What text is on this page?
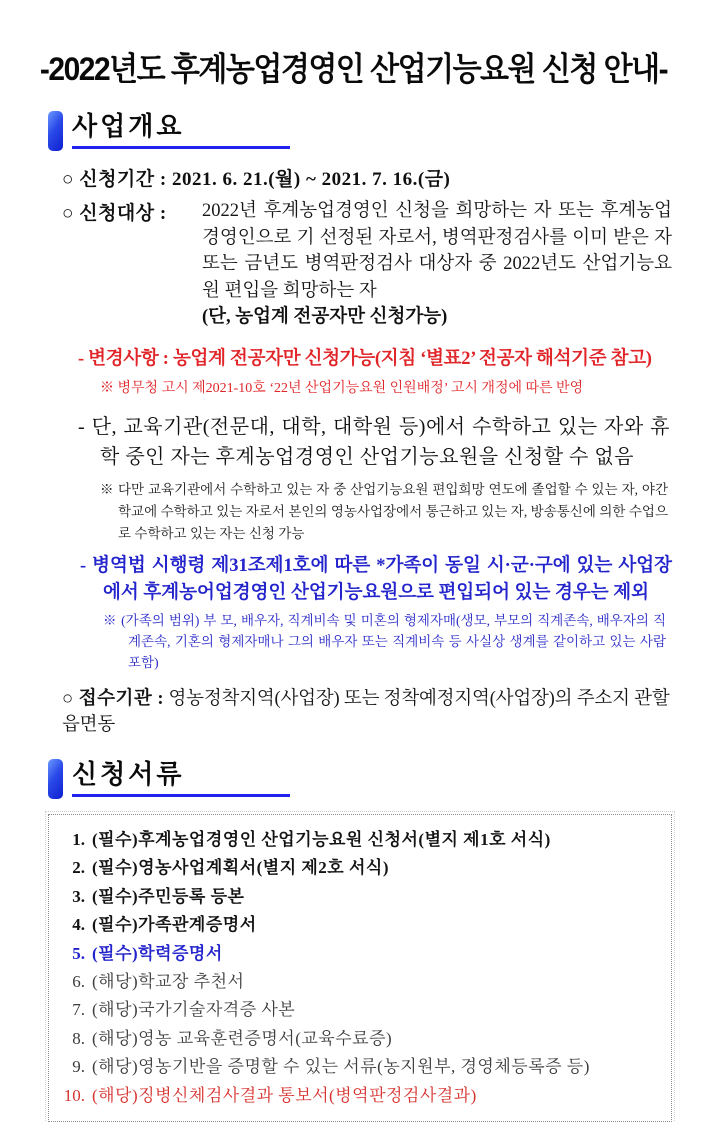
-2022년도 후계농업경영인 산업기능요원 신청 안내-
사업개요
○ 신청기간 : 2021. 6. 21.(월) ~ 2021. 7. 16.(금)
○ 신청대상 :	2022년 후계농업경영인 신청을 희망하는 자 또는 후계농업경영인으로 기 선정된 자로서, 병역판정검사를 이미 받은 자 또는 금년도 병역판정검사 대상자 중 2022년도 산업기능요원 편입을 희망하는 자
(단, 농업계 전공자만 신청가능)
- 변경사항 : 농업계 전공자만 신청가능(지침 ‘별표2’ 전공자 해석기준 참고)
※ 병무청 고시 제2021-10호 ‘22년 산업기능요원 인원배정’ 고시 개정에 따른 반영
- 단, 교육기관(전문대, 대학, 대학원 등)에서 수학하고 있는 자와 휴학 중인 자는 후계농업경영인 산업기능요원을 신청할 수 없음
※ 다만 교육기관에서 수학하고 있는 자 중 산업기능요원 편입희망 연도에 졸업할 수 있는 자, 야간학교에 수학하고 있는 자로서 본인의 영농사업장에서 통근하고 있는 자, 방송통신에 의한 수업으로 수학하고 있는 자는 신청 가능
- 병역법 시행령 제31조제1호에 따른 *가족이 동일 시·군·구에 있는 사업장에서 후계농어업경영인 산업기능요원으로 편입되어 있는 경우는 제외
※ (가족의 범위) 부 모, 배우자, 직계비속 및 미혼의 형제자매(생모, 부모의 직계존속, 배우자의 직계존속, 기혼의 형제자매나 그의 배우자 또는 직계비속 등 사실상 생계를 같이하고 있는 사람 포함)
○ 접수기관 : 영농정착지역(사업장) 또는 정착예정지역(사업장)의 주소지 관할 읍면동
신청서류
1. (필수)후계농업경영인 산업기능요원 신청서(별지 제1호 서식)
2. (필수)영농사업계획서(별지 제2호 서식)
3. (필수)주민등록 등본
4. (필수)가족관계증명서
5. (필수)학력증명서
6. (해당)학교장 추천서
7. (해당)국가기술자격증 사본
8. (해당)영농 교육훈련증명서(교육수료증)
9. (해당)영농기반을 증명할 수 있는 서류(농지원부, 경영체등록증 등)
10. (해당)징병신체검사결과 통보서(병역판정검사결과)
